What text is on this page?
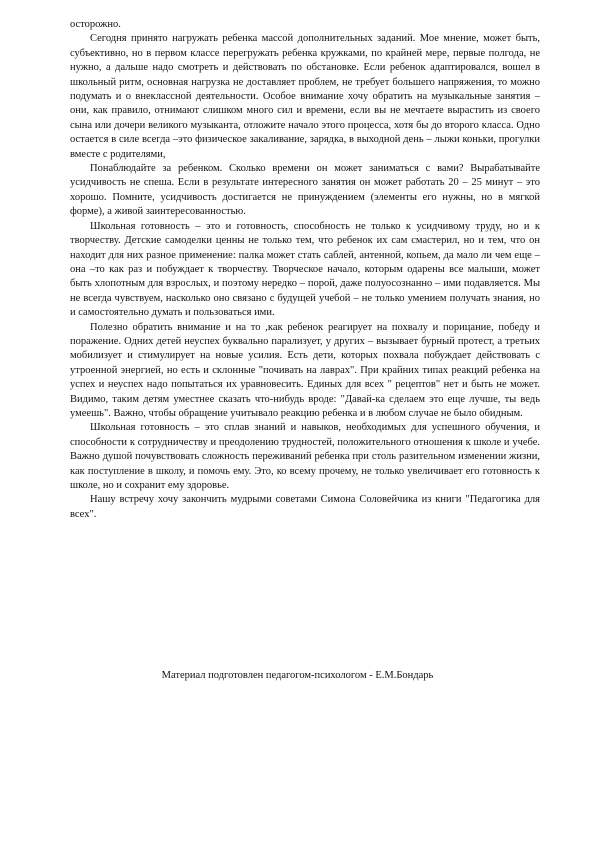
осторожно.

Сегодня принято нагружать ребенка массой дополнительных заданий. Мое мнение, может быть, субъективно, но в первом классе перегружать ребенка кружками, по крайней мере, первые полгода, не нужно, а дальше надо смотреть и действовать по обстановке. Если ребенок адаптировался, вошел в школьный ритм, основная нагрузка не доставляет проблем, не требует большего напряжения, то можно подумать и о внеклассной деятельности. Особое внимание хочу обратить на музыкальные занятия – они, как правило, отнимают слишком много сил и времени, если вы не мечтаете вырастить из своего сына или дочери великого музыканта, отложите начало этого процесса, хотя бы до второго класса. Одно остается в силе всегда –это физическое закаливание, зарядка, в выходной день – лыжи коньки, прогулки вместе с родителями,

Понаблюдайте за ребенком. Сколько времени он может заниматься с вами? Вырабатывайте усидчивость не спеша. Если в результате интересного занятия он может работать 20 – 25 минут – это хорошо. Помните, усидчивость достигается не принуждением (элементы его нужны, но в мягкой форме), а живой заинтересованностью.

Школьная готовность – это и готовность, способность не только к усидчивому труду, но и к творчеству. Детские самоделки ценны не только тем, что ребенок их сам смастерил, но и тем, что он находит для них разное применение: палка может стать саблей, антенной, копьем, да мало ли чем еще – она –то как раз и побуждает к творчеству. Творческое начало, которым одарены все малыши, может быть хлопотным для взрослых, и поэтому нередко – порой, даже полуосознанно – ими подавляется. Мы не всегда чувствуем, насколько оно связано с будущей учебой – не только умением получать знания, но и самостоятельно думать и пользоваться ими.

Полезно обратить внимание и на то ,как ребенок реагирует на похвалу и порицание, победу и поражение. Одних детей неуспех буквально парализует, у других – вызывает бурный протест, а третьих мобилизует и стимулирует на новые усилия. Есть дети, которых похвала побуждает действовать с утроенной энергией, но есть и склонные "почивать на лаврах". При крайних типах реакций ребенка на успех и неуспех надо попытаться их уравновесить. Единых для всех " рецептов" нет и быть не может. Видимо, таким детям уместнее сказать что-нибудь вроде: "Давай-ка сделаем это еще лучше, ты ведь умеешь". Важно, чтобы обращение учитывало реакцию ребенка и в любом случае не было обидным.

Школьная готовность – это сплав знаний и навыков, необходимых для успешного обучения, и способности к сотрудничеству и преодолению трудностей, положительного отношения к школе и учебе. Важно душой почувствовать сложность переживаний ребенка при столь разительном изменении жизни, как поступление в школу, и помочь ему. Это, ко всему прочему, не только увеличивает его готовность к школе, но и сохранит ему здоровье.

Нашу встречу хочу закончить мудрыми советами Симона Соловейчика из книги "Педагогика для всех".

Материал подготовлен педагогом-психологом - Е.М.Бондарь
